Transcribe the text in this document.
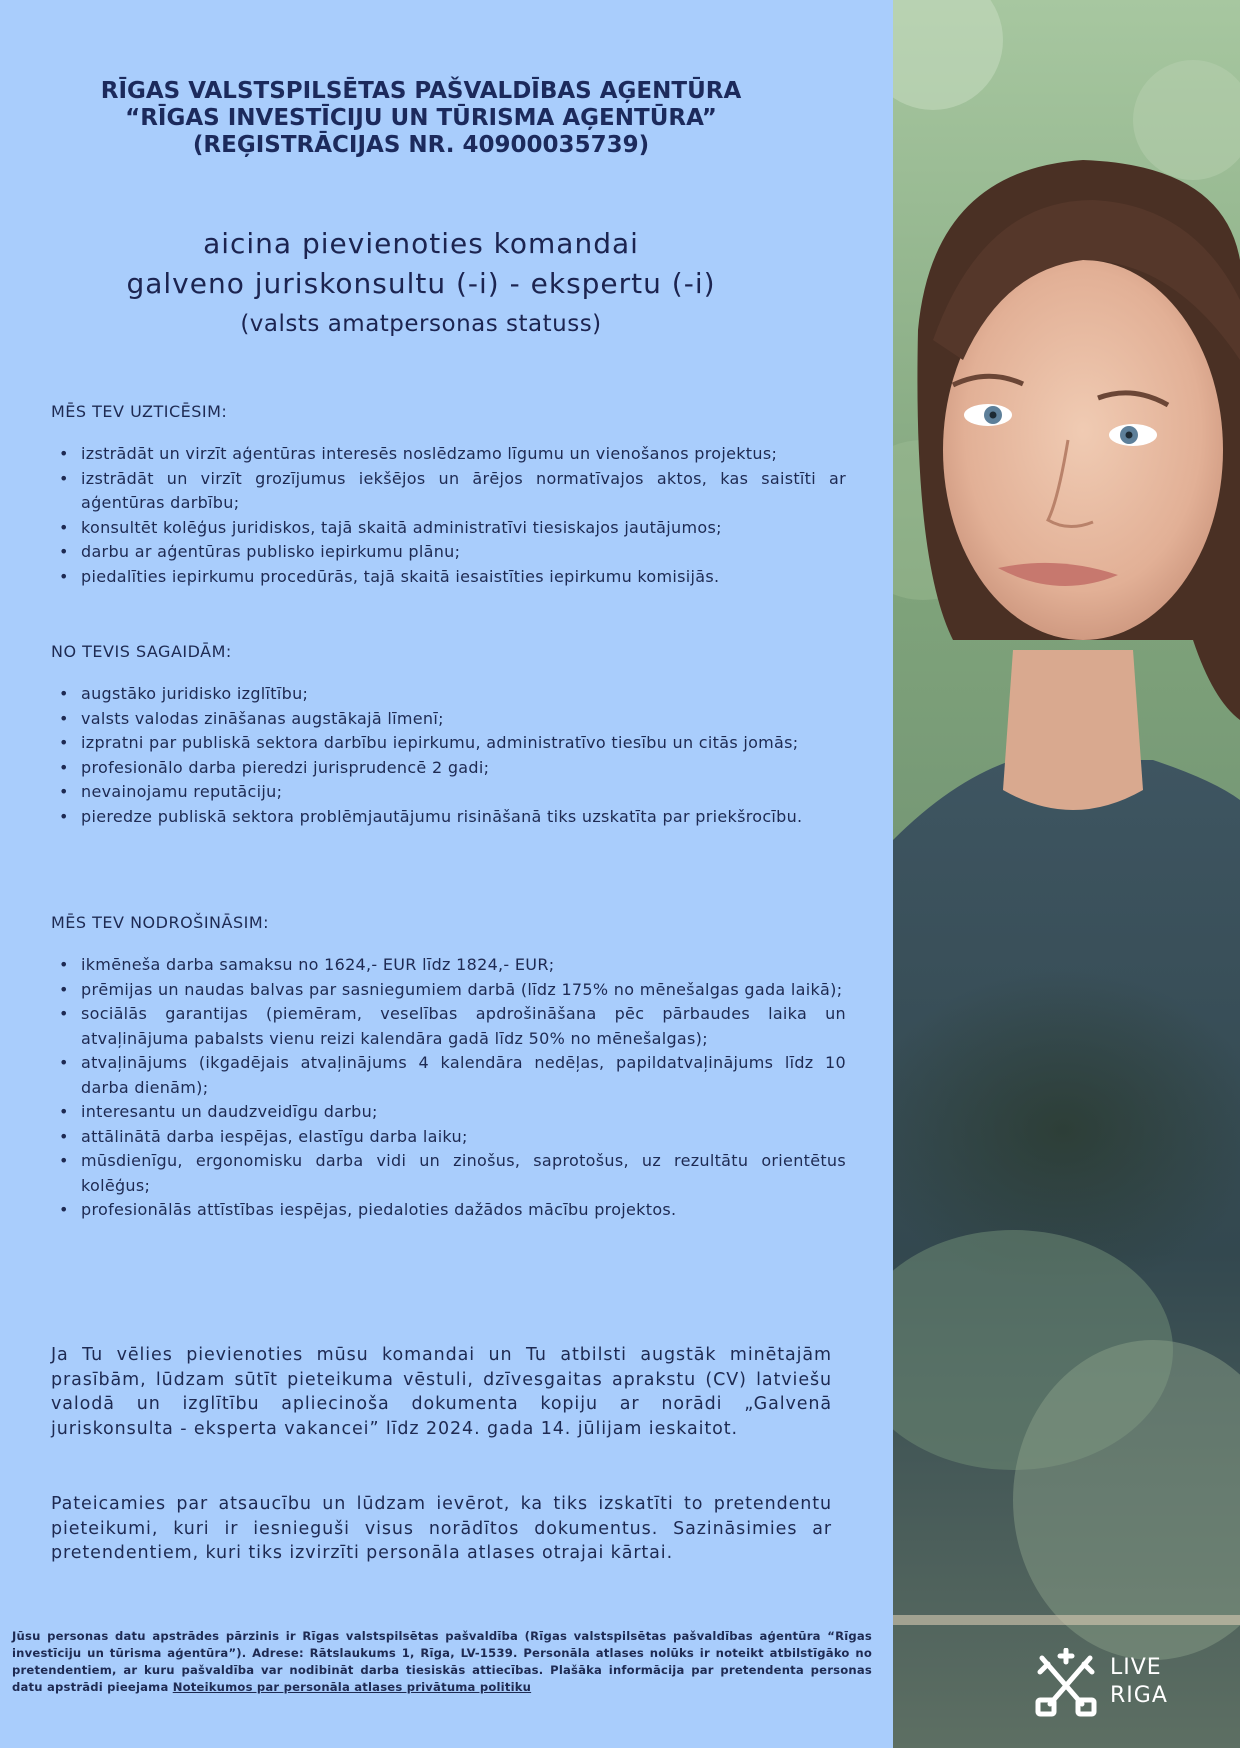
RĪGAS VALSTSPILSĒTAS PAŠVALDĪBAS AĢENTŪRA
“RĪGAS INVESTĪCIJU UN TŪRISMA AĢENTŪRA”
(REĢISTRĀCIJAS NR. 40900035739)
aicina pievienoties komandai
galveno juriskonsultu (-i) - ekspertu (-i)
(valsts amatpersonas statuss)
MĒS TEV UZTICĒSIM:
• izstrādāt un virzīt aģentūras interesēs noslēdzamo līgumu un vienošanos projektus;
• izstrādāt un virzīt grozījumus iekšējos un ārējos normatīvajos aktos, kas saistīti ar aģentūras darbību;
• konsultēt kolēģus juridiskos, tajā skaitā administratīvi tiesiskajos jautājumos;
• darbu ar aģentūras publisko iepirkumu plānu;
• piedalīties iepirkumu procedūrās, tajā skaitā iesaistīties iepirkumu komisijās.
NO TEVIS SAGAIDĀM:
• augstāko juridisko izglītību;
• valsts valodas zināšanas augstākajā līmenī;
• izpratni par publiskā sektora darbību iepirkumu, administratīvo tiesību un citās jomās;
• profesionālo darba pieredzi jurisprudencē 2 gadi;
• nevainojamu reputāciju;
• pieredze publiskā sektora problēmjautājumu risināšanā tiks uzskatīta par priekšrocību.
MĒS TEV NODROŠINĀSIM:
• ikmēneša darba samaksu no 1624,- EUR līdz 1824,- EUR;
• prēmijas un naudas balvas par sasniegumiem darbā (līdz 175% no mēnešalgas gada laikā);
• sociālās garantijas (piemēram, veselības apdrošināšana pēc pārbaudes laika un atvaļinājuma pabalsts vienu reizi kalendāra gadā līdz 50% no mēnešalgas);
• atvaļinājums (ikgadējais atvaļinājums 4 kalendāra nedēļas, papildatvaļinājums līdz 10 darba dienām);
• interesantu un daudzveidīgu darbu;
• attālinātā darba iespējas, elastīgu darba laiku;
• mūsdienīgu, ergonomisku darba vidi un zinošus, saprotošus, uz rezultātu orientētus kolēģus;
• profesionālās attīstības iespējas, piedaloties dažādos mācību projektos.
Ja Tu vēlies pievienoties mūsu komandai un Tu atbilsti augstāk minētajām prasībām, lūdzam sūtīt pieteikuma vēstuli, dzīvesgaitas aprakstu (CV) latviešu valodā un izglītību apliecinoša dokumenta kopiju ar norādi „Galvenā juriskonsulta - eksperta vakancei” līdz 2024. gada 14. jūlijam ieskaitot.
Pateicamies par atsaucību un lūdzam ievērot, ka tiks izskatīti to pretendentu pieteikumi, kuri ir iesnieguši visus norādītos dokumentus. Sazināsimies ar pretendentiem, kuri tiks izvirzīti personāla atlases otrajai kārtai.
Jūsu personas datu apstrādes pārzinis ir Rīgas valstspilsētas pašvaldība (Rīgas valstspilsētas pašvaldības aģentūra “Rīgas investīciju un tūrisma aģentūra”). Adrese: Rātslaukums 1, Rīga, LV-1539. Personāla atlases nolūks ir noteikt atbilstīgāko no pretendentiem, ar kuru pašvaldība var nodibināt darba tiesiskās attiecības. Plašāka informācija par pretendenta personas datu apstrādi pieejama Noteikumos par personāla atlases privātuma politiku
LIVE
RIGA
